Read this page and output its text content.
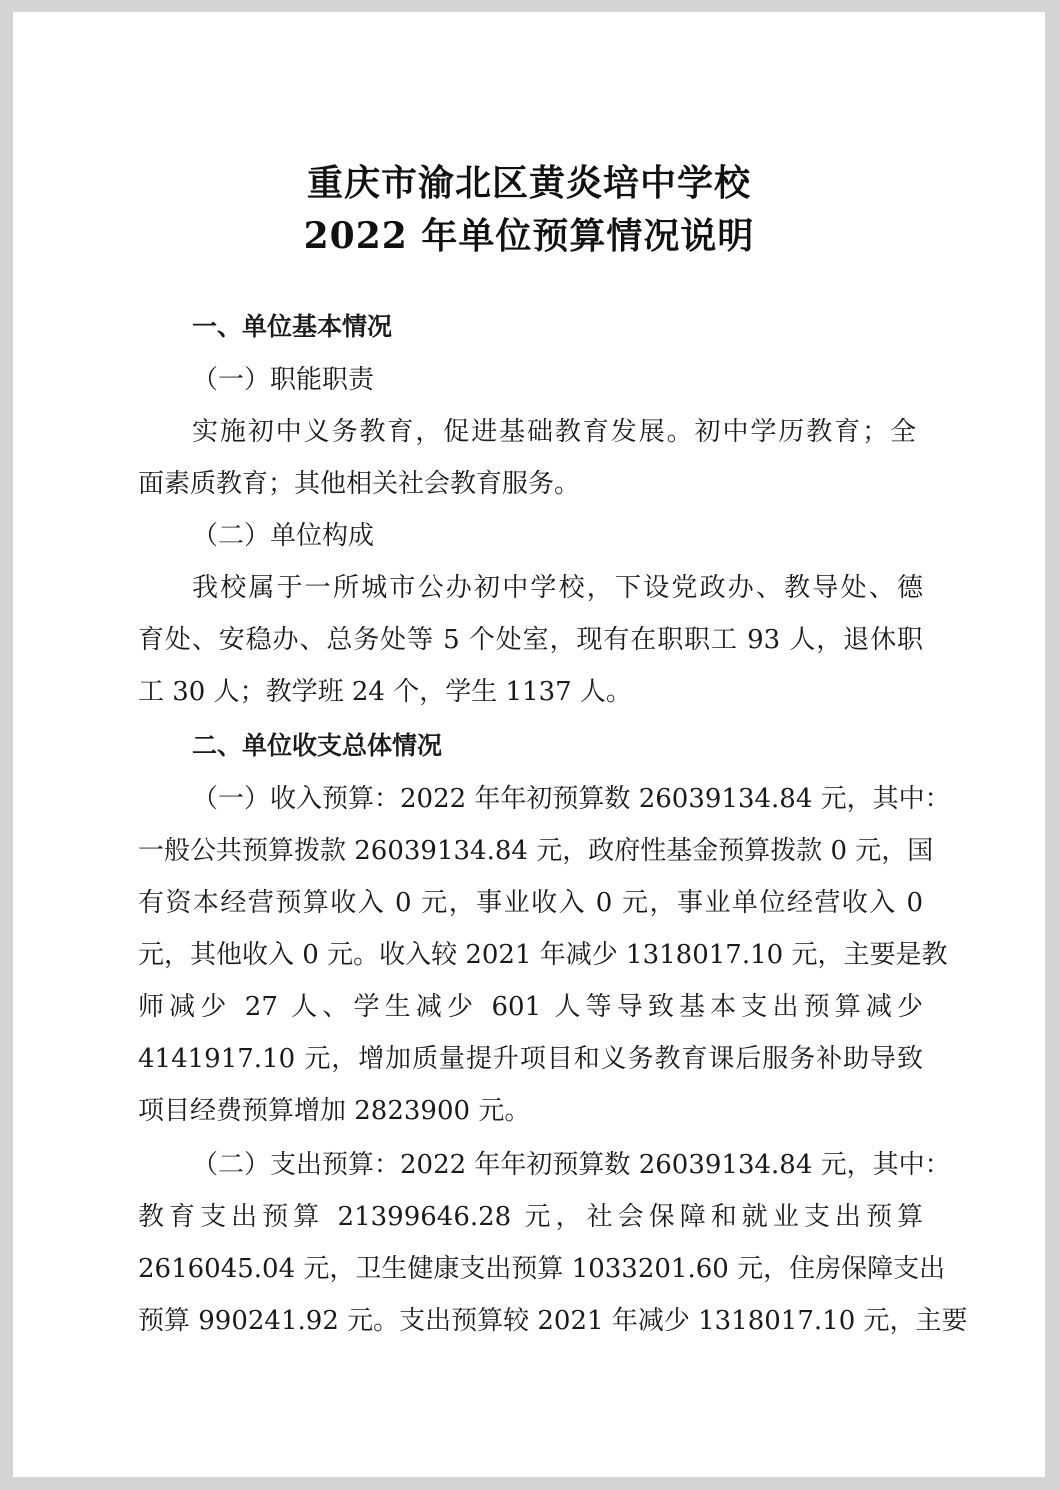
重庆市渝北区黄炎培中学校
2022 年单位预算情况说明
一、单位基本情况
（一）职能职责
实施初中义务教育，促进基础教育发展。初中学历教育；全
面素质教育；其他相关社会教育服务。
（二）单位构成
我校属于一所城市公办初中学校，下设党政办、教导处、德
育处、安稳办、总务处等 5 个处室，现有在职职工 93 人，退休职
工 30 人；教学班 24 个，学生 1137 人。
二、单位收支总体情况
（一）收入预算：2022 年年初预算数 26039134.84 元，其中：
一般公共预算拨款 26039134.84 元，政府性基金预算拨款 0 元，国
有资本经营预算收入 0 元，事业收入 0 元，事业单位经营收入 0
元，其他收入 0 元。收入较 2021 年减少 1318017.10 元，主要是教
师减少 27 人、学生减少 601 人等导致基本支出预算减少
4141917.10 元，增加质量提升项目和义务教育课后服务补助导致
项目经费预算增加 2823900 元。
（二）支出预算：2022 年年初预算数 26039134.84 元，其中：
教育支出预算 21399646.28 元，社会保障和就业支出预算
2616045.04 元，卫生健康支出预算 1033201.60 元，住房保障支出
预算 990241.92 元。支出预算较 2021 年减少 1318017.10 元，主要
